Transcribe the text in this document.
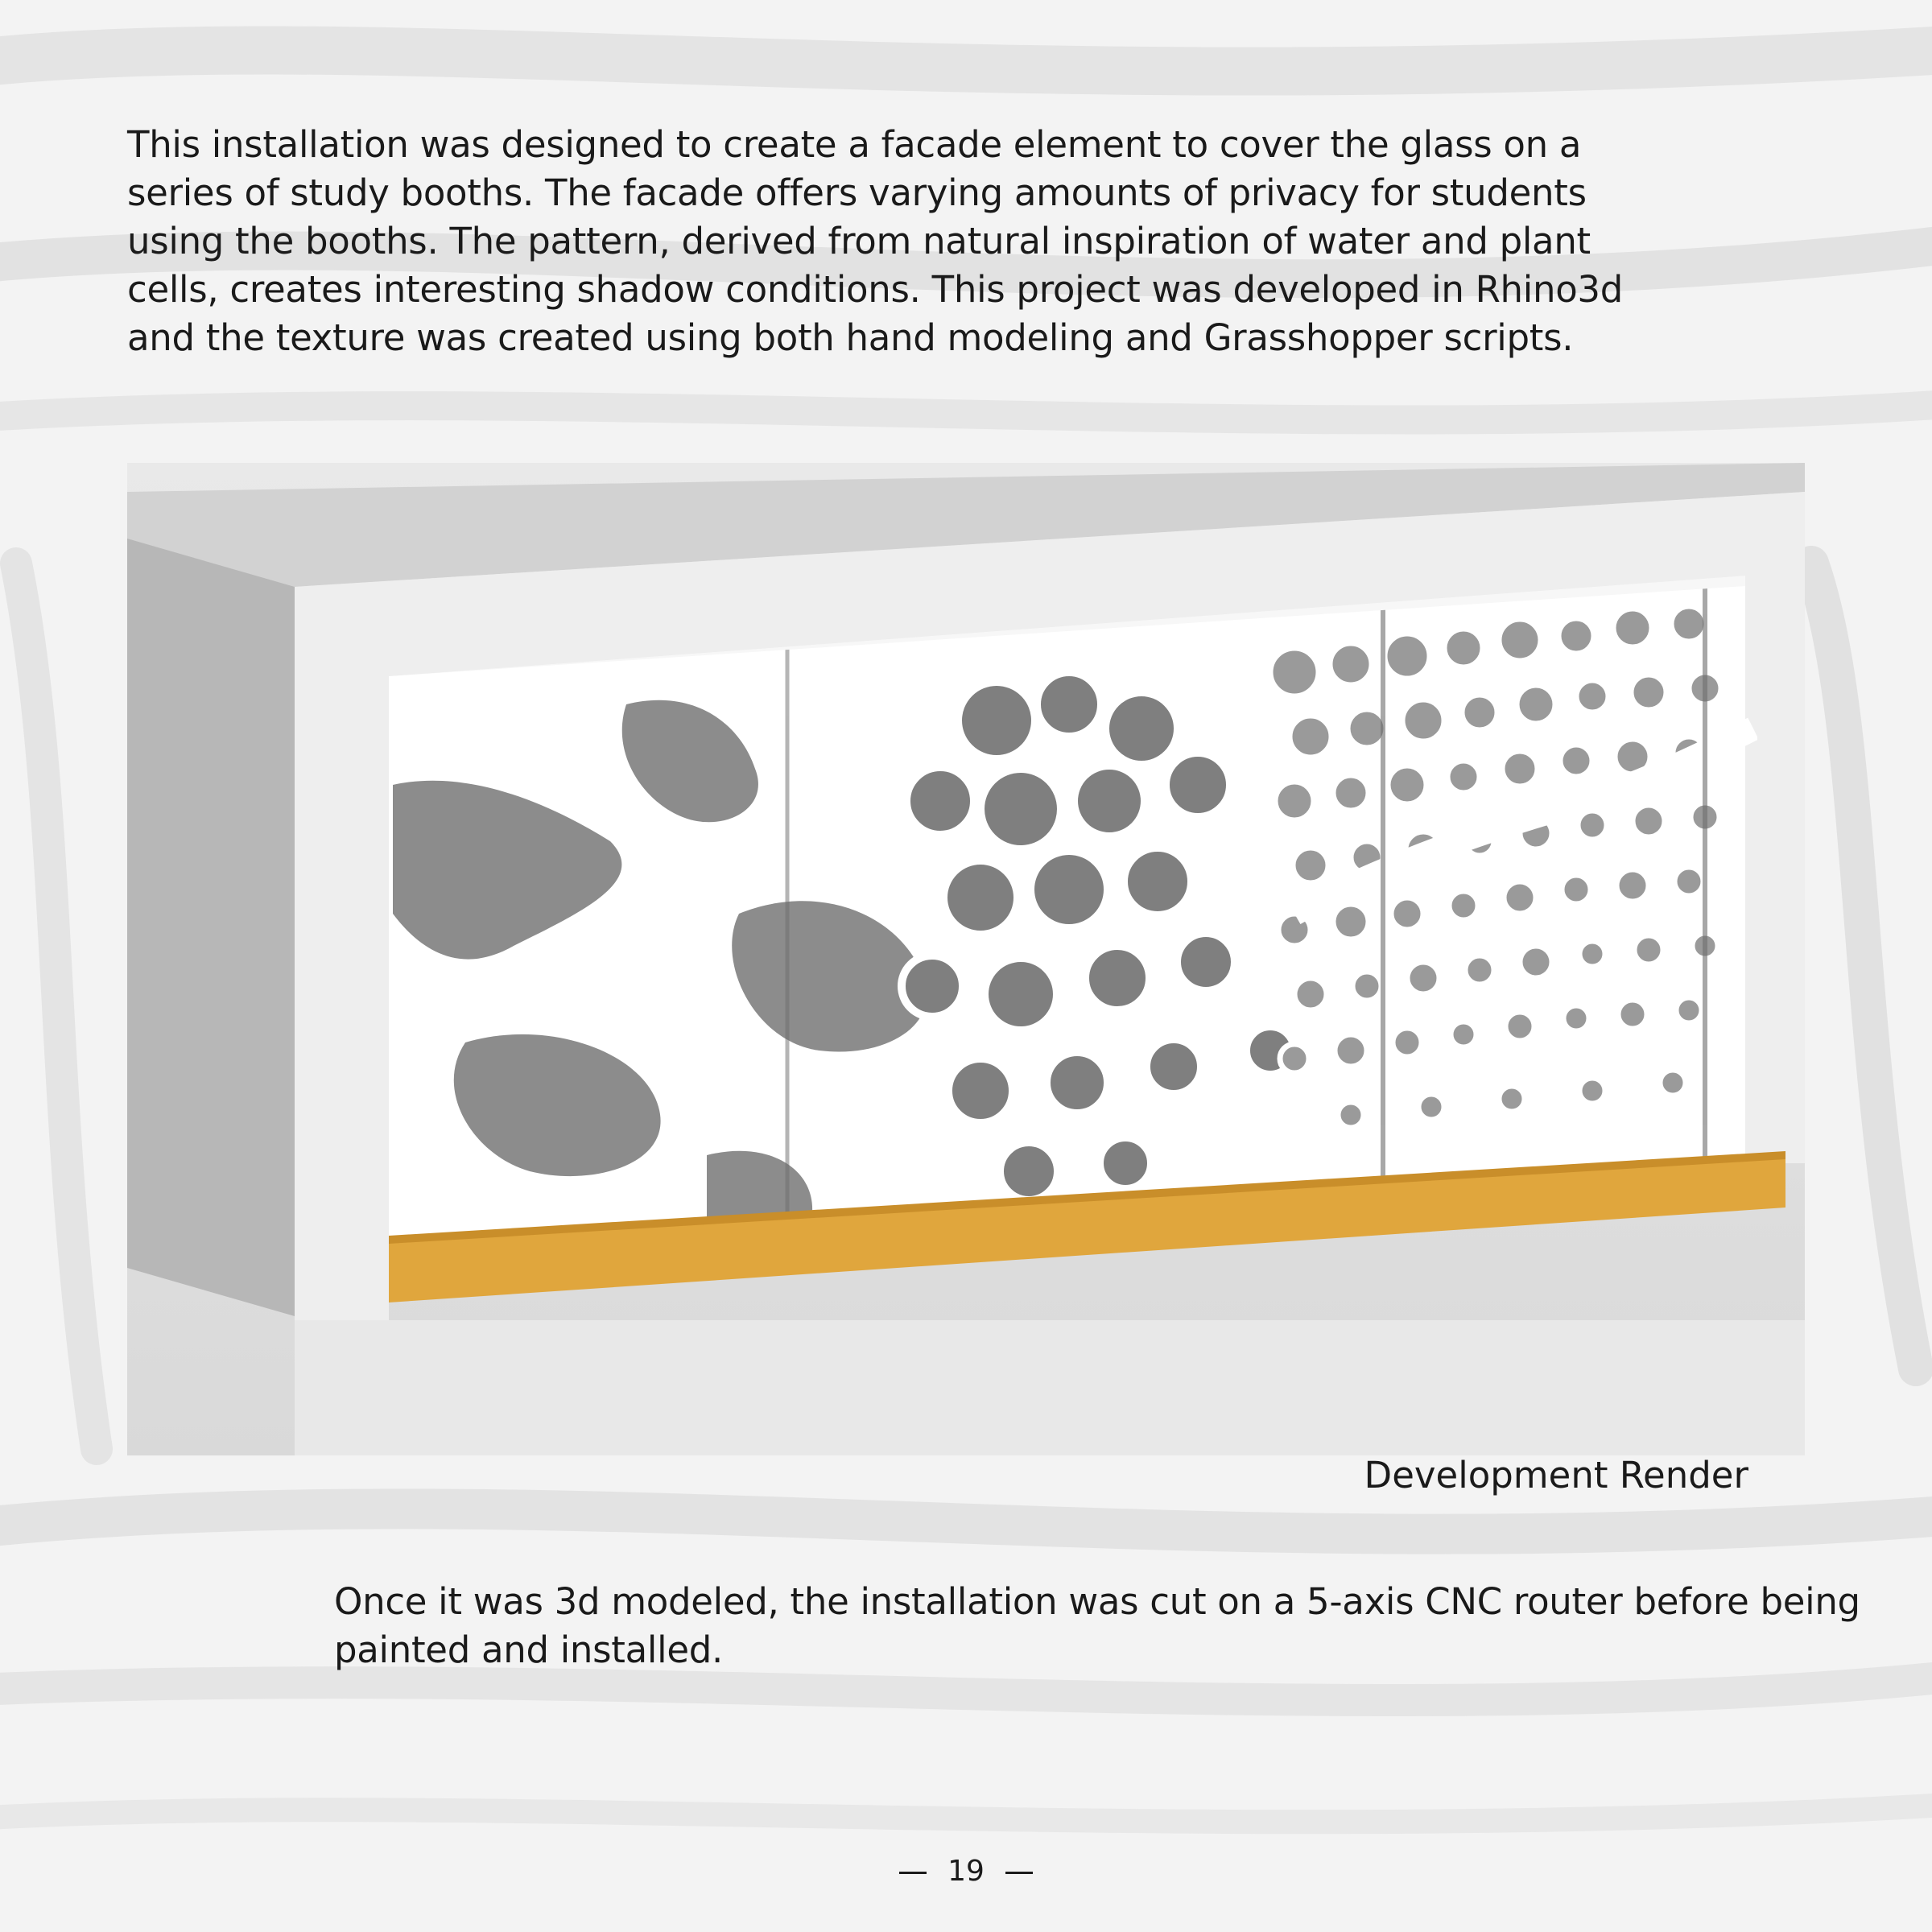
This installation was designed to create a facade element to cover the glass on a
series of study booths. The facade offers varying amounts of privacy for students
using the booths. The pattern, derived from natural inspiration of water and plant
cells, creates interesting shadow conditions. This project was developed in Rhino3d
and the texture was created using both hand modeling and Grasshopper scripts.

Development Render

Once it was 3d modeled, the installation was cut on a 5-axis CNC router before being
painted and installed.

19
